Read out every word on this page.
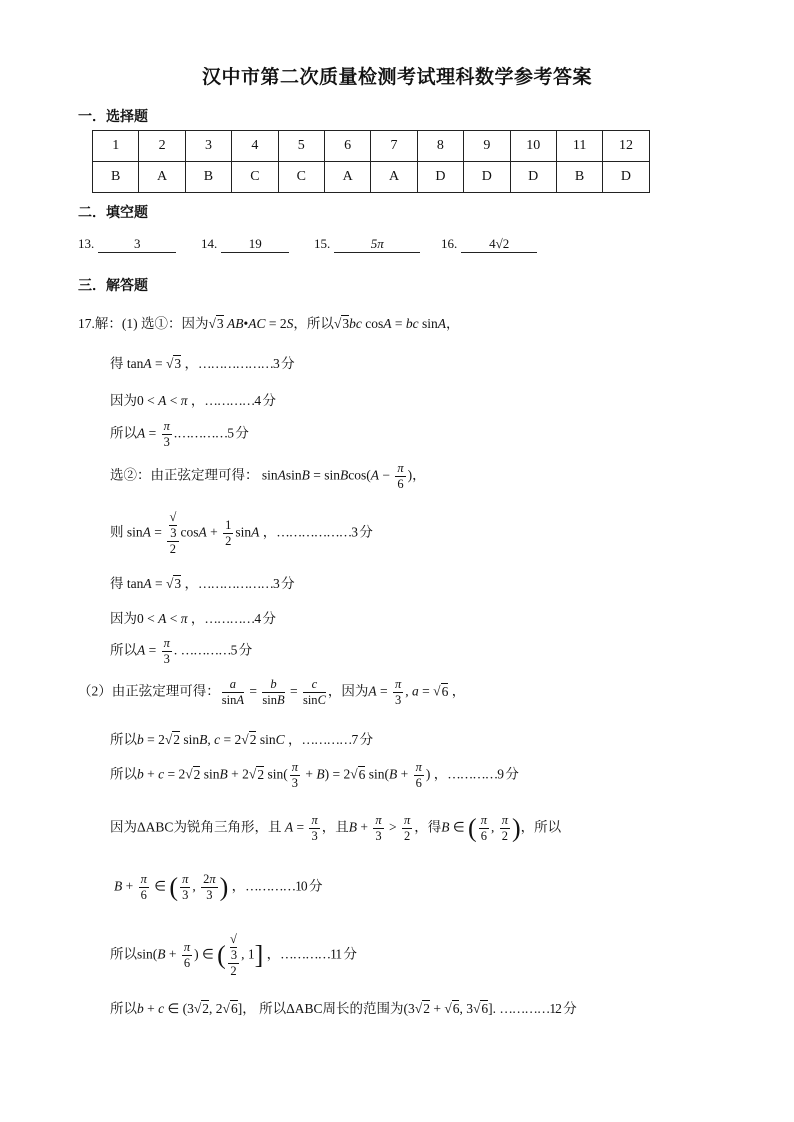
汉中市第二次质量检测考试理科数学参考答案
一．选择题
1	2	3	4	5	6	7	8	9	10	11	12
B	A	B	C	C	A	A	D	D	D	B	D
二．填空题
13.	3	14. 19	15.	5π	16. 4√2
三．解答题
17.解：(1) 选①：因为√3 AB•AC = 2S，所以√3bc cosA = bc sinA，
得 tanA = √3 ，………………3 分
因为0 < A < π ，…………4 分
所以$A = \frac{\pi}{3}$ .…………5 分
选②：由正弦定理可得： sinAsinB = sinBcos(A − $\frac{\pi}{6}$ )，
则 sinA = √
3
2 $\cos A + \frac{1}{2}$ sinA ，………………3 分
得 tanA = √3 ，………………3 分
因为0 < A < π ，…………4 分
所以$A = \frac{\pi}{3}$ . …………5 分
（2）由正弦定理可得： $\frac{a}{\sin A} = \frac{b}{\sin B} = \frac{c}{\sin C}$ ，因为$A = \frac{\pi}{3}$ , a = √6 ，
所以b = 2√2 sinB, c = 2√2 sinC ，…………7 分
所以b + c = 2√2 sinB + 2√2 $\sin( \frac{\pi}{3} + B) = 2√6$ $\sin(B + \frac{\pi}{6}$ ) ，…………9 分
因为ΔABC为锐角三角形，且 $A = \frac{\pi}{3}$ ，且$B + \frac{\pi}{3} > \frac{\pi}{2}$ ，得B ∈ ( $\frac{\pi}{6}$ , $\frac{\pi}{2}$ )，所以
$B + \frac{\pi}{6}$ ∈ ( $\frac{\pi}{3}$ , $\frac{2\pi}{3}$ ) ，…………10 分
所以$\sin(B + \frac{\pi}{6}$ ) ∈ ( √
3
2 , 1] ，…………11 分
所以b + c ∈ (3√2, 2√6]， 所以ΔABC周长的范围为(3√2 + √6, 3√6]. …………12 分
